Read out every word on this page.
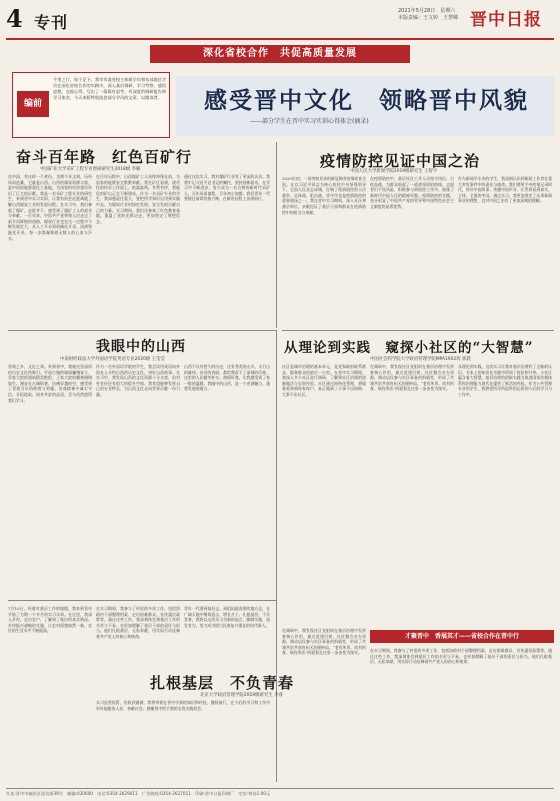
4 专刊
2021年5月28日　星期六
本版责编：王文婷　王慧卿 晋中日报
深化省校合作　共促高质量发展
编前
千里之行，始于足下。我市市委党校主体班学员和东部地区学员在深化省校合作的实践中，深入基层调研，学习考察，感悟思想，交流心得，写出了一篇篇有思考、有深度的调研报告和学习体会，今天本版特别选登部分学员的文章，以飨读者。 感受晋中文化　领略晋中风貌
——部分学生在晋中实习实训心得体会(摘录)
奋斗百年路　红色百矿行
中国矿业大学采矿工程专业智硕研究生2018级 李楠
在中国，有这样一个省份，坐拥千年文明，历经风雨沧桑，它就是山西。山西的煤炭资源丰富，是中国的能源重化工基地，为国家的经济建设作出了巨大的贡献。我是一名采矿工程专业的研究生，来到晋中实习实训，让我有机会近距离地了解山西煤炭工业的发展历程。在实习中，我们参观了煤矿，走进井下，感受到了煤矿工人的艰辛与奉献。一百年来，中国共产党带领人民走过了艰辛而辉煌的道路，煤炭行业也在这一过程中不断发展壮大，从人工开采到机械化开采，再到智能化开采，每一步都凝聚着无数人的心血与汗水。
在百年历程中，山西煤矿工人始终冲锋在前，为国家的能源安全默默奉献。我在矿区看到，现代化的综采工作面上，机器轰鸣，井然有序，智能化的矿山正在不断建成。作为一名采矿专业的学生，我深感责任重大，要把所学知识运用到实践中去，为煤炭行业的绿色发展、安全发展贡献自己的力量。实习期间，我们还参观了红色教育基地，重温了党的光辉历史，更加坚定了理想信念。
通过这次实习，我对煤矿行业有了更深的认识。我将牢记习近平总书记的嘱托，坚持创新驱动，在学习中不断进步，努力成为一名合格的新时代采矿人。百年风雨兼程，百年初心如磐，我们青年一代要接过前辈的接力棒，在新的征程上奋勇前行。
疫情防控见证中国之治
中国人民大学新闻学院2019级研究生 王智宇
2020年初，一场突如其来的新冠肺炎疫情席卷全国。在以习近平同志为核心的党中央坚强领导下，全国人民众志成城，打响了疫情防控的人民战争、总体战、阻击战。晋中市也是疫情防控的重要战场之一。我在晋中实习期间，深入社区和基层单位，亲眼见证了基层干部和群众在疫情防控中的担当与奉献。
在疫情防控中，基层社区工作人员坚守岗位，日夜奋战，为群众筑起了一道道坚固的防线。志愿者们不畏风险，积极参与到防控工作中，展现了新时代中国人民的精神风貌。疫情防控的实践，充分彰显了中国共产党的领导和中国特色社会主义制度的显著优势。
作为新闻学专业的学生，我深刻认识到新闻工作者在重大突发事件中的责任与使命。我们要用手中的笔记录时代，讲好中国故事，传播中国声音，让世界看到真实、立体、全面的中国。通过实习，我更加坚定了从事新闻事业的理想，也对中国之治有了更加深刻的理解。
从理论到实践　窥探小社区的“大智慧”
中国社会科学院大学政府管理学院MPA1902班 郭晨
社区是城市治理的基本单元，是党和政府联系群众、服务群众的最后一公里。在晋中实习期间，我深入多个社区进行调研，了解到社区治理的创新做法与宝贵经验。社区通过网格化管理，将服务延伸到每家每户，真正做到了小事不出网格、大事不出社区。
在调研中，我发现社区党组织在基层治理中发挥着核心作用。通过党建引领，社区整合各方资源，调动居民参与社区事务的积极性，形成了共建共治共享的社区治理格局。“老有所养、幼有所育、病有所医”的愿景在这里一步步变为现实。
从理论到实践，这次实习让我对基层治理有了全新的认识。书本上的知识在实践中得到了检验和升华。小社区蕴含着大智慧，基层治理的创新实践为推进国家治理体系和治理能力现代化提供了鲜活的经验。作为公共管理专业的学生，我将把所学所思所悟运用到今后的学习与工作中。
我眼中的山西
中南财经政法大学外国语学院英语专业2020级 王莹莹
晋商之乡，文化之邦。来到晋中，我被这里深厚的历史文化所吸引。平遥古城的城墙巍峨耸立，乔家大院的建筑精美绝伦，王家大院的雕刻栩栩如生。漫步在古城街巷，仿佛穿越时空，感受到了晋商当年的辉煌与荣耀。晋商精神中诚实守信、开拓进取、同舟共济的品质，至今仍然值得我们学习。
作为一名外国语学院的学生，我尝试用英语向外国友人介绍山西的历史文化，讲好山西故事。在实习中，我发现山西的文化资源十分丰富，但对外宣传还有很大的提升空间。我希望能够发挥自己的专业特长，为山西文化走向世界贡献一份力量。
山西不仅有悠久的历史，还有秀美的山川。太行山的雄伟、汾河的秀丽，都给我留下了深刻的印象。这里的人民勤劳朴实、热情好客，让我感受到了家一般的温暖。我眼中的山西，是一个充满魅力、蓬勃发展的地方。
7月10日，怀着对基层工作的憧憬，我来到晋中开始了为期一个多月的实习实训。在这里，我深入乡村，走访农户，了解到了基层的真实情况。乡村振兴战略的实施，让农村面貌焕然一新，农民的生活水平不断提高。
在实习期间，我参与了村里的多项工作，包括协助村干部整理档案、走访困难群众、宣传惠民政策等。通过这些工作，我深刻体会到基层工作的辛苦与不易，也更加理解了基层干部的责任与担当。他们扎根基层，无私奉献，用实际行动诠释着共产党人的初心和使命。
青年一代要到基层去，到祖国最需要的地方去，在广阔天地中锤炼意志、增长才干。扎根基层，不负青春，我将以这次实习为新的起点，脚踏实地，奋发有为，努力成为堪当民族复兴重任的时代新人。
扎根基层　不负青春
北京大学政府管理学院2019级研究生 李睿
实习虽然短暂，但收获满满。我将带着在晋中学到的知识和经验，继续前行，在今后的学习和工作中更好地服务人民、奉献社会。感谢晋中给予我的宝贵实践机会。
才聚晋中　香展其才——省校合作在晋中行
在调研中，我发现社区党组织在基层治理中发挥着核心作用。通过党建引领，社区整合各方资源，调动居民参与社区事务的积极性，形成了共建共治共享的社区治理格局。“老有所养、幼有所育、病有所医”的愿景在这里一步步变为现实。	在实习期间，我参与了村里的多项工作，包括协助村干部整理档案、走访困难群众、宣传惠民政策等。通过这些工作，我深刻体会到基层工作的辛苦与不易，也更加理解了基层干部的责任与担当。他们扎根基层，无私奉献，用实际行动诠释着共产党人的初心和使命。
社址:晋中市榆次区迎宾街39号　邮编:030600　电话:0354-2629011　广告热线:0354-2627011　印刷:晋中日报印刷厂　定价:每份1.00元
